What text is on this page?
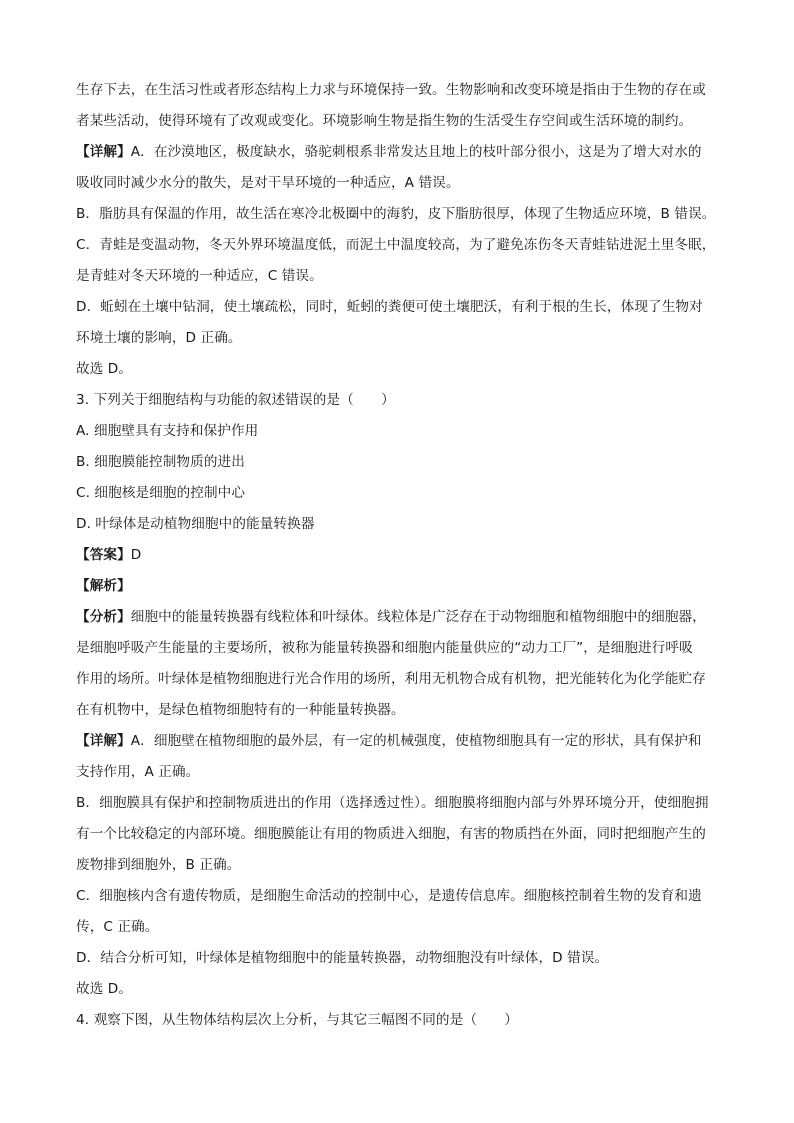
生存下去，在生活习性或者形态结构上力求与环境保持一致。生物影响和改变环境是指由于生物的存在或
者某些活动，使得环境有了改观或变化。环境影响生物是指生物的生活受生存空间或生活环境的制约。
【详解】A．在沙漠地区，极度缺水，骆驼刺根系非常发达且地上的枝叶部分很小，这是为了增大对水的
吸收同时减少水分的散失，是对干旱环境的一种适应，A 错误。
B．脂肪具有保温的作用，故生活在寒冷北极圈中的海豹，皮下脂肪很厚，体现了生物适应环境，B 错误。
C．青蛙是变温动物，冬天外界环境温度低，而泥土中温度较高，为了避免冻伤冬天青蛙钻进泥土里冬眠，
是青蛙对冬天环境的一种适应，C 错误。
D．蚯蚓在土壤中钻洞，使土壤疏松，同时，蚯蚓的粪便可使土壤肥沃，有利于根的生长，体现了生物对
环境土壤的影响，D 正确。
故选 D。
3. 下列关于细胞结构与功能的叙述错误的是（　　）
A. 细胞壁具有支持和保护作用
B. 细胞膜能控制物质的进出
C. 细胞核是细胞的控制中心
D. 叶绿体是动植物细胞中的能量转换器
【答案】D
【解析】
【分析】细胞中的能量转换器有线粒体和叶绿体。线粒体是广泛存在于动物细胞和植物细胞中的细胞器，
是细胞呼吸产生能量的主要场所，被称为能量转换器和细胞内能量供应的“动力工厂”，是细胞进行呼吸
作用的场所。叶绿体是植物细胞进行光合作用的场所，利用无机物合成有机物，把光能转化为化学能贮存
在有机物中，是绿色植物细胞特有的一种能量转换器。
【详解】A．细胞壁在植物细胞的最外层，有一定的机械强度，使植物细胞具有一定的形状，具有保护和
支持作用，A 正确。
B．细胞膜具有保护和控制物质进出的作用（选择透过性）。细胞膜将细胞内部与外界环境分开，使细胞拥
有一个比较稳定的内部环境。细胞膜能让有用的物质进入细胞，有害的物质挡在外面，同时把细胞产生的
废物排到细胞外，B 正确。
C．细胞核内含有遗传物质，是细胞生命活动的控制中心，是遗传信息库。细胞核控制着生物的发育和遗
传，C 正确。
D．结合分析可知，叶绿体是植物细胞中的能量转换器，动物细胞没有叶绿体，D 错误。
故选 D。
4. 观察下图，从生物体结构层次上分析，与其它三幅图不同的是（　　）
